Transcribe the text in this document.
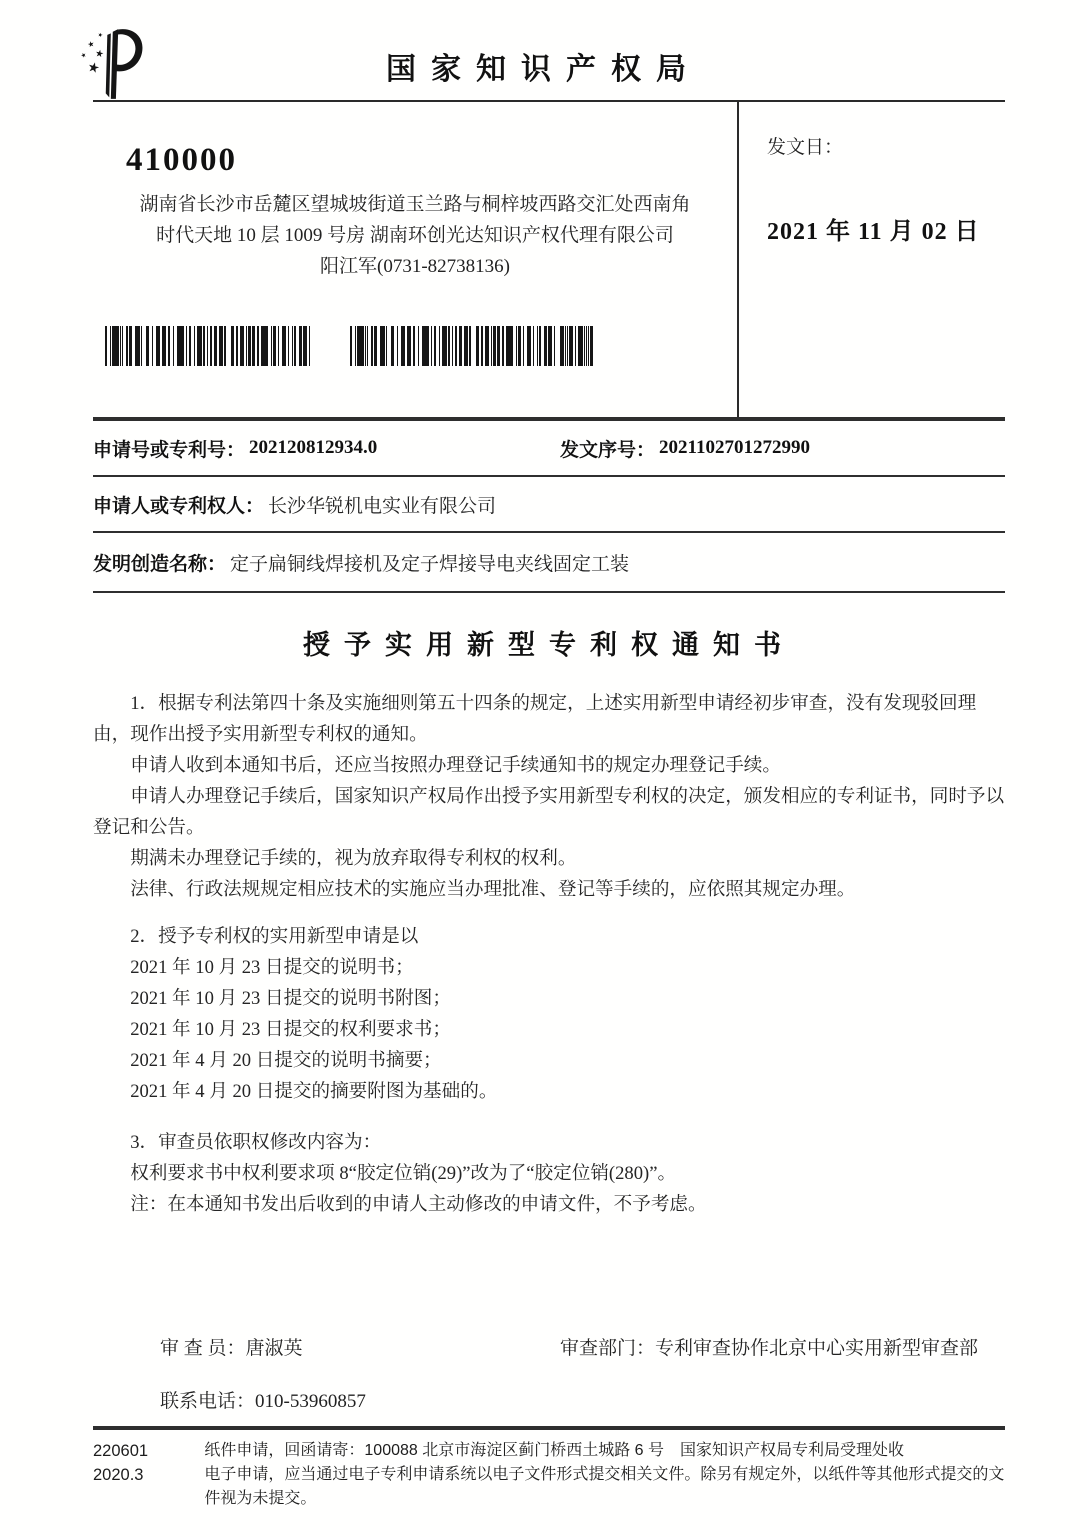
国家知识产权局
410000
湖南省长沙市岳麓区望城坡街道玉兰路与桐梓坡西路交汇处西南角
时代天地 10 层 1009 号房 湖南环创光达知识产权代理有限公司
阳江军(0731-82738136)
发文日：
2021 年 11 月 02 日
申请号或专利号： 202120812934.0	发文序号： 2021102701272990
申请人或专利权人： 长沙华锐机电实业有限公司
发明创造名称： 定子扁铜线焊接机及定子焊接导电夹线固定工装
授予实用新型专利权通知书

1．根据专利法第四十条及实施细则第五十四条的规定，上述实用新型申请经初步审查，没有发现驳回理由，现作出授予实用新型专利权的通知。

申请人收到本通知书后，还应当按照办理登记手续通知书的规定办理登记手续。

申请人办理登记手续后，国家知识产权局作出授予实用新型专利权的决定，颁发相应的专利证书，同时予以登记和公告。

期满未办理登记手续的，视为放弃取得专利权的权利。

法律、行政法规规定相应技术的实施应当办理批准、登记等手续的，应依照其规定办理。

2．授予专利权的实用新型申请是以

2021 年 10 月 23 日提交的说明书；

2021 年 10 月 23 日提交的说明书附图；

2021 年 10 月 23 日提交的权利要求书；

2021 年 4 月 20 日提交的说明书摘要；

2021 年 4 月 20 日提交的摘要附图为基础的。

3．审查员依职权修改内容为：

权利要求书中权利要求项 8“胶定位销(29)”改为了“胶定位销(280)”。

注：在本通知书发出后收到的申请人主动修改的申请文件，不予考虑。

审 查 员：唐淑英	审查部门：专利审查协作北京中心实用新型审查部
联系电话：010-53960857
220601
2020.3

纸件申请，回函请寄：100088 北京市海淀区蓟门桥西土城路 6 号　国家知识产权局专利局受理处收

电子申请，应当通过电子专利申请系统以电子文件形式提交相关文件。除另有规定外，以纸件等其他形式提交的文件视为未提交。
